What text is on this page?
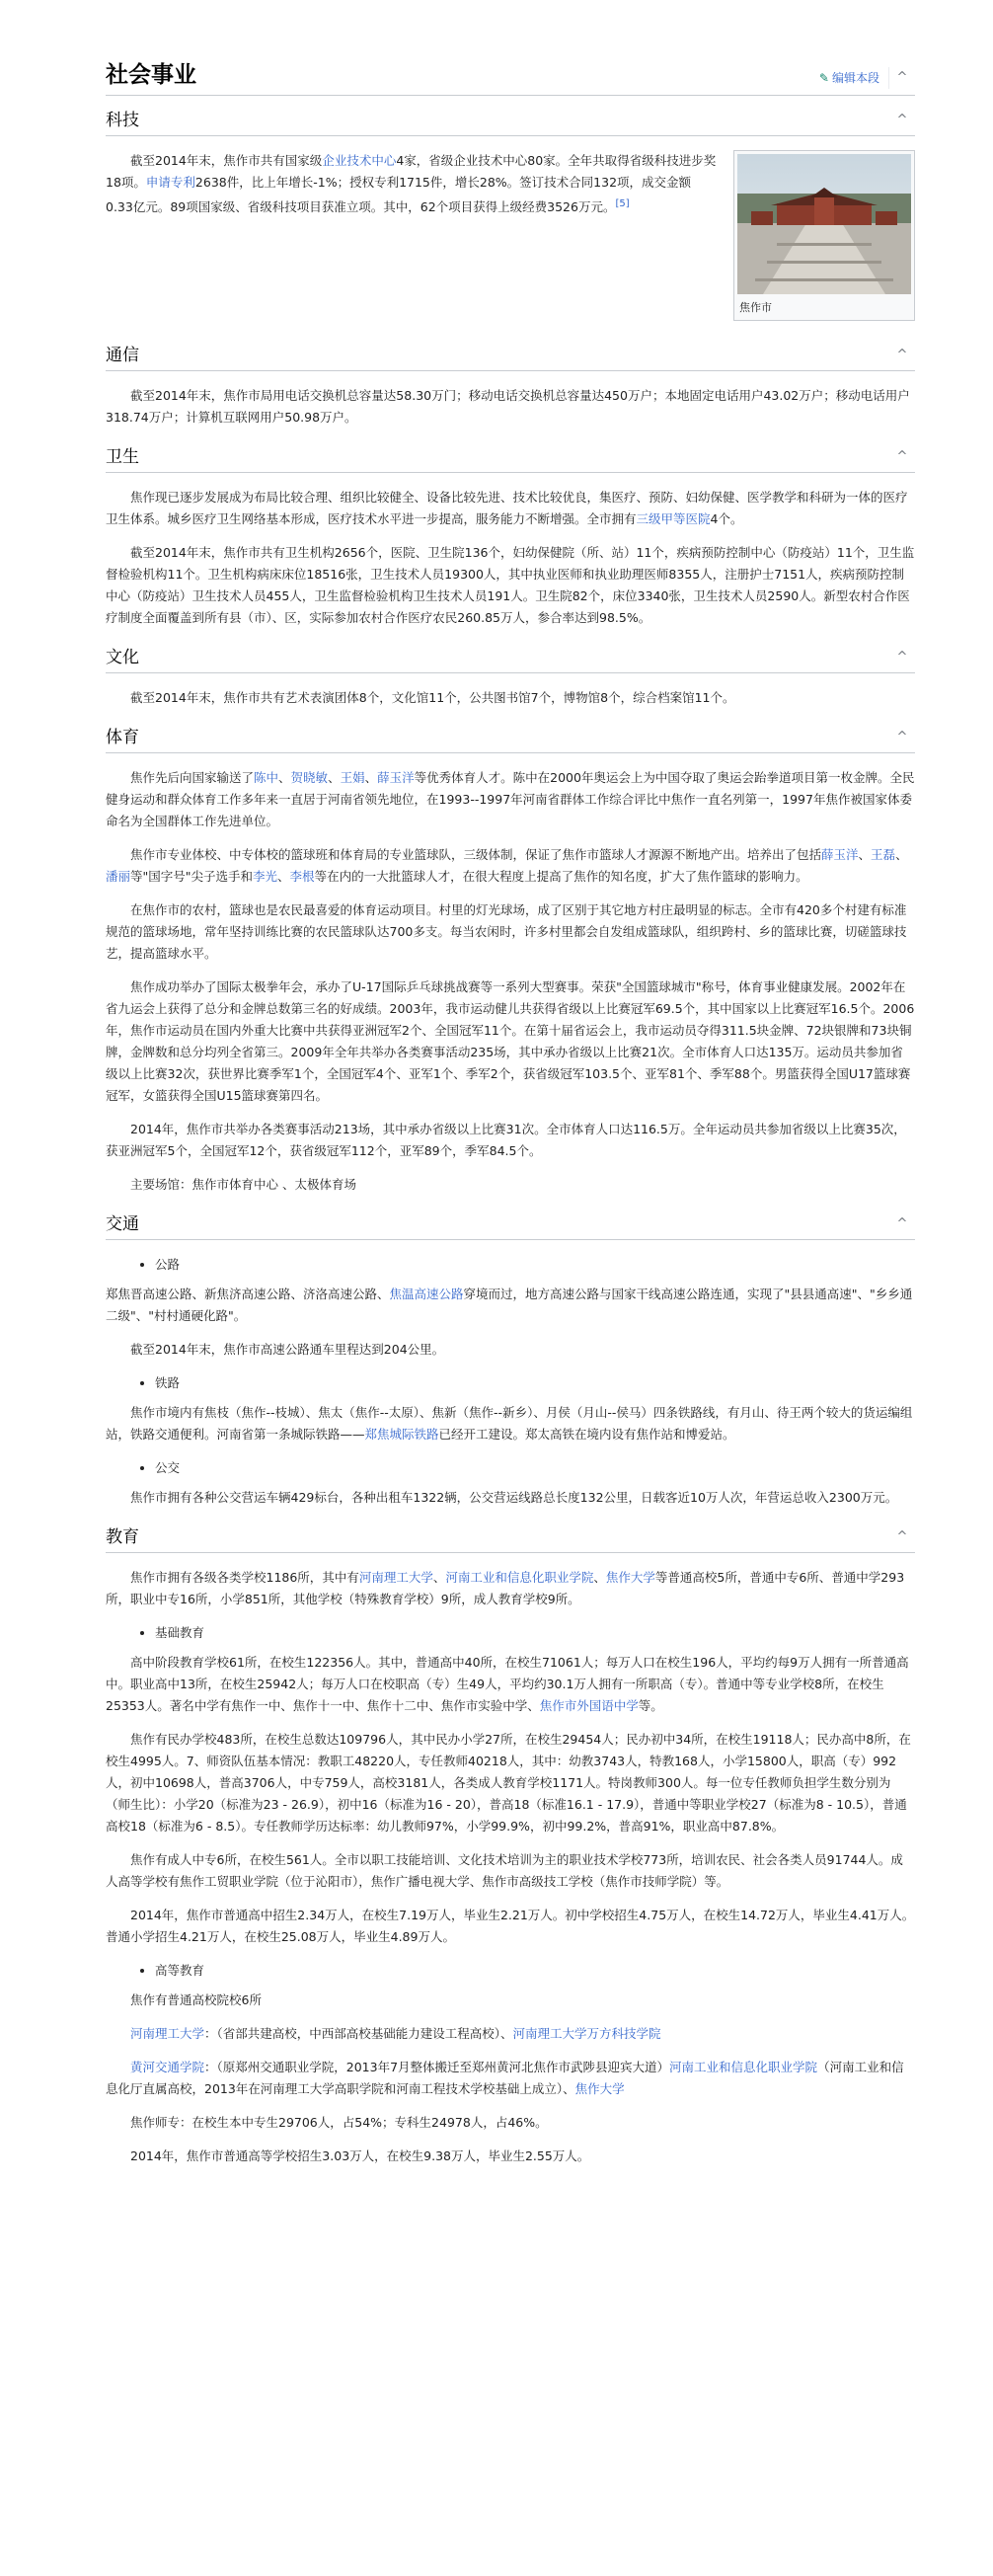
社会事业	✎ 编辑本段	^
科技	^
焦作市

截至2014年末，焦作市共有国家级企业技术中心4家，省级企业技术中心80家。全年共取得省级科技进步奖18项。申请专利2638件，比上年增长-1%；授权专利1715件，增长28%。签订技术合同132项，成交金额0.33亿元。89项国家级、省级科技项目获准立项。其中，62个项目获得上级经费3526万元。[5]

通信	^

截至2014年末，焦作市局用电话交换机总容量达58.30万门；移动电话交换机总容量达450万户；本地固定电话用户43.02万户；移动电话用户318.74万户；计算机互联网用户50.98万户。

卫生	^

焦作现已逐步发展成为布局比较合理、组织比较健全、设备比较先进、技术比较优良，集医疗、预防、妇幼保健、医学教学和科研为一体的医疗卫生体系。城乡医疗卫生网络基本形成，医疗技术水平进一步提高，服务能力不断增强。全市拥有三级甲等医院4个。

截至2014年末，焦作市共有卫生机构2656个，医院、卫生院136个，妇幼保健院（所、站）11个，疾病预防控制中心（防疫站）11个，卫生监督检验机构11个。卫生机构病床床位18516张，卫生技术人员19300人，其中执业医师和执业助理医师8355人，注册护士7151人，疾病预防控制中心（防疫站）卫生技术人员455人，卫生监督检验机构卫生技术人员191人。卫生院82个，床位3340张，卫生技术人员2590人。新型农村合作医疗制度全面覆盖到所有县（市）、区，实际参加农村合作医疗农民260.85万人，参合率达到98.5%。

文化	^

截至2014年末，焦作市共有艺术表演团体8个，文化馆11个，公共图书馆7个，博物馆8个，综合档案馆11个。

体育	^

焦作先后向国家输送了陈中、贺晓敏、王娟、薛玉洋等优秀体育人才。陈中在2000年奥运会上为中国夺取了奥运会跆拳道项目第一枚金牌。全民健身运动和群众体育工作多年来一直居于河南省领先地位，在1993--1997年河南省群体工作综合评比中焦作一直名列第一，1997年焦作被国家体委命名为全国群体工作先进单位。

焦作市专业体校、中专体校的篮球班和体育局的专业篮球队，三级体制，保证了焦作市篮球人才源源不断地产出。培养出了包括薛玉洋、王磊、潘丽等"国字号"尖子选手和李光、李根等在内的一大批篮球人才，在很大程度上提高了焦作的知名度，扩大了焦作篮球的影响力。

在焦作市的农村，篮球也是农民最喜爱的体育运动项目。村里的灯光球场，成了区别于其它地方村庄最明显的标志。全市有420多个村建有标准规范的篮球场地，常年坚持训练比赛的农民篮球队达700多支。每当农闲时，许多村里都会自发组成篮球队，组织跨村、乡的篮球比赛，切磋篮球技艺，提高篮球水平。

焦作成功举办了国际太极拳年会，承办了U-17国际乒乓球挑战赛等一系列大型赛事。荣获"全国篮球城市"称号，体育事业健康发展。2002年在省九运会上获得了总分和金牌总数第三名的好成绩。2003年，我市运动健儿共获得省级以上比赛冠军69.5个，其中国家以上比赛冠军16.5个。2006年，焦作市运动员在国内外重大比赛中共获得亚洲冠军2个、全国冠军11个。在第十届省运会上，我市运动员夺得311.5块金牌、72块银牌和73块铜牌，金牌数和总分均列全省第三。2009年全年共举办各类赛事活动235场，其中承办省级以上比赛21次。全市体育人口达135万。运动员共参加省级以上比赛32次，获世界比赛季军1个，全国冠军4个、亚军1个、季军2个，获省级冠军103.5个、亚军81个、季军88个。男篮获得全国U17篮球赛冠军，女篮获得全国U15篮球赛第四名。

2014年，焦作市共举办各类赛事活动213场，其中承办省级以上比赛31次。全市体育人口达116.5万。全年运动员共参加省级以上比赛35次，获亚洲冠军5个，全国冠军12个，获省级冠军112个，亚军89个，季军84.5个。

主要场馆：焦作市体育中心 、太极体育场

交通	^
• 公路

郑焦晋高速公路、新焦济高速公路、济洛高速公路、焦温高速公路穿境而过，地方高速公路与国家干线高速公路连通，实现了"县县通高速"、"乡乡通二级"、"村村通硬化路"。

截至2014年末，焦作市高速公路通车里程达到204公里。

• 铁路

焦作市境内有焦枝（焦作--枝城）、焦太（焦作--太原）、焦新（焦作--新乡）、月侯（月山--侯马）四条铁路线，有月山、待王两个较大的货运编组站，铁路交通便利。河南省第一条城际铁路——郑焦城际铁路已经开工建设。郑太高铁在境内设有焦作站和博爱站。

• 公交

焦作市拥有各种公交营运车辆429标台，各种出租车1322辆，公交营运线路总长度132公里，日载客近10万人次，年营运总收入2300万元。

教育	^

焦作市拥有各级各类学校1186所，其中有河南理工大学、河南工业和信息化职业学院、焦作大学等普通高校5所，普通中专6所、普通中学293所，职业中专16所，小学851所，其他学校（特殊教育学校）9所，成人教育学校9所。

• 基础教育

高中阶段教育学校61所，在校生122356人。其中，普通高中40所，在校生71061人；每万人口在校生196人，平均约每9万人拥有一所普通高中。职业高中13所，在校生25942人；每万人口在校职高（专）生49人，平均约30.1万人拥有一所职高（专）。普通中等专业学校8所，在校生25353人。著名中学有焦作一中、焦作十一中、焦作十二中、焦作市实验中学、焦作市外国语中学等。

焦作有民办学校483所，在校生总数达109796人，其中民办小学27所，在校生29454人；民办初中34所，在校生19118人；民办高中8所，在校生4995人。7、师资队伍基本情况：教职工48220人，专任教师40218人，其中：幼教3743人，特教168人，小学15800人，职高（专）992人，初中10698人，普高3706人，中专759人，高校3181人，各类成人教育学校1171人。特岗教师300人。每一位专任教师负担学生数分别为（师生比）：小学20（标准为23 - 26.9），初中16（标准为16 - 20），普高18（标准16.1 - 17.9），普通中等职业学校27（标准为8 - 10.5），普通高校18（标准为6 - 8.5）。专任教师学历达标率：幼儿教师97%，小学99.9%，初中99.2%，普高91%，职业高中87.8%。

焦作有成人中专6所，在校生561人。全市以职工技能培训、文化技术培训为主的职业技术学校773所，培训农民、社会各类人员91744人。成人高等学校有焦作工贸职业学院（位于沁阳市），焦作广播电视大学、焦作市高级技工学校（焦作市技师学院）等。

2014年，焦作市普通高中招生2.34万人，在校生7.19万人，毕业生2.21万人。初中学校招生4.75万人，在校生14.72万人，毕业生4.41万人。普通小学招生4.21万人，在校生25.08万人，毕业生4.89万人。

• 高等教育

焦作有普通高校院校6所

河南理工大学：（省部共建高校，中西部高校基础能力建设工程高校）、河南理工大学万方科技学院

黄河交通学院：（原郑州交通职业学院，2013年7月整体搬迁至郑州黄河北焦作市武陟县迎宾大道）河南工业和信息化职业学院（河南工业和信息化厅直属高校，2013年在河南理工大学高职学院和河南工程技术学校基础上成立）、焦作大学

焦作师专：在校生本中专生29706人，占54%；专科生24978人，占46%。

2014年，焦作市普通高等学校招生3.03万人，在校生9.38万人，毕业生2.55万人。
